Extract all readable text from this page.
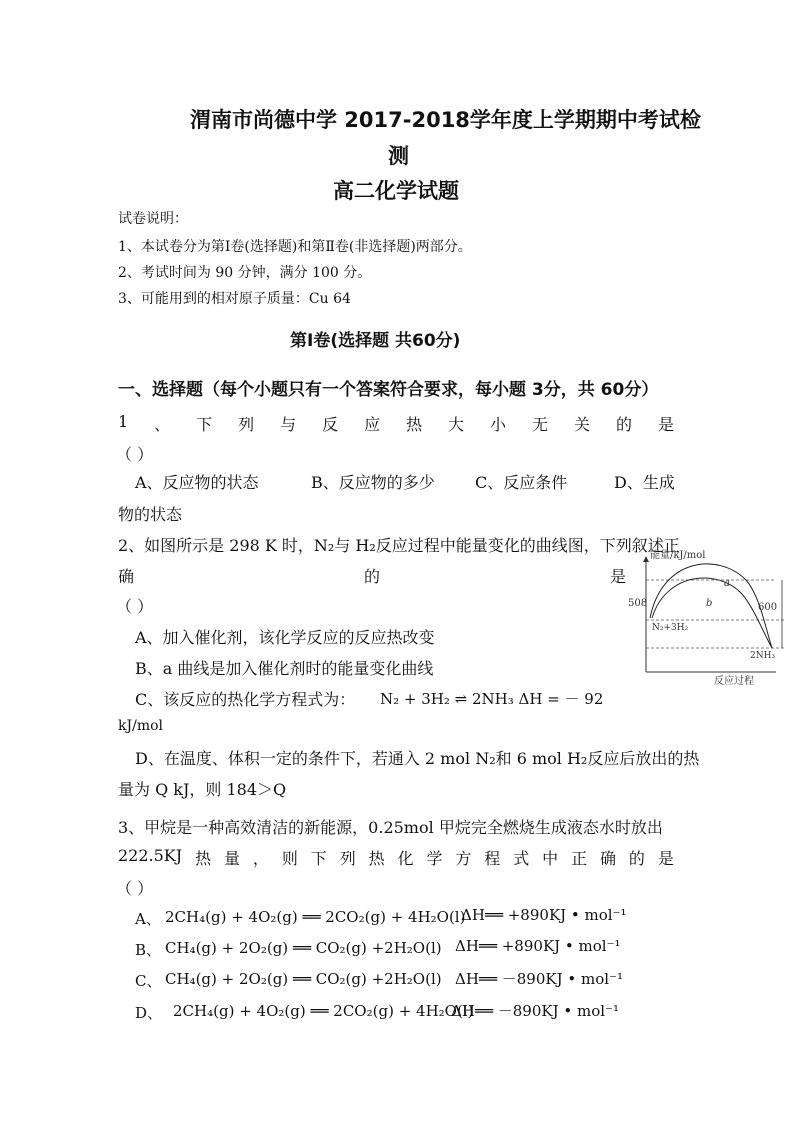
渭南市尚德中学 2017-2018学年度上学期期中考试检
测
高二化学试题
试卷说明：
1、本试卷分为第Ⅰ卷(选择题)和第Ⅱ卷(非选择题)两部分。
2、考试时间为 90 分钟，满分 100 分。
3、可能用到的相对原子质量：Cu 64
第Ⅰ卷(选择题 共60分)
一、选择题（每个小题只有一个答案符合要求，每小题 3分，共 60分）
1 、 下 列 与 反 应 热 大 小 无 关 的 是
（ ）
A、反应物的状态	B、反应物的多少	C、反应条件	D、生成
物的状态
2、如图所示是 298 K 时，N₂与 H₂反应过程中能量变化的曲线图，下列叙述正
确	的	是
（ ）
能量/kJ/mol
反应过程
508	600
a
b
N₂+3H₂
2NH₃
A、加入催化剂，该化学反应的反应热改变
B、a 曲线是加入催化剂时的能量变化曲线
C、该反应的热化学方程式为： N₂ + 3H₂ ⇌ 2NH₃ ΔH = － 92
kJ/mol
D、在温度、体积一定的条件下，若通入 2 mol N₂和 6 mol H₂反应后放出的热
量为 Q kJ，则 184＞Q
3、甲烷是一种高效清洁的新能源，0.25mol 甲烷完全燃烧生成液态水时放出
222.5KJ 热 量 ， 则 下 列 热 化 学 方 程 式 中 正 确 的 是
（ ）
A、 2CH₄(g) + 4O₂(g) ══ 2CO₂(g) + 4H₂O(l)
ΔH══ +890KJ • mol⁻¹
B、 CH₄(g) + 2O₂(g) ══ CO₂(g) +2H₂O(l) ΔH══ +890KJ • mol⁻¹
C、 CH₄(g) + 2O₂(g) ══ CO₂(g) +2H₂O(l) ΔH══ －890KJ • mol⁻¹
D、 2CH₄(g) + 4O₂(g) ══ 2CO₂(g) + 4H₂O(l)
ΔH══ －890KJ • mol⁻¹
